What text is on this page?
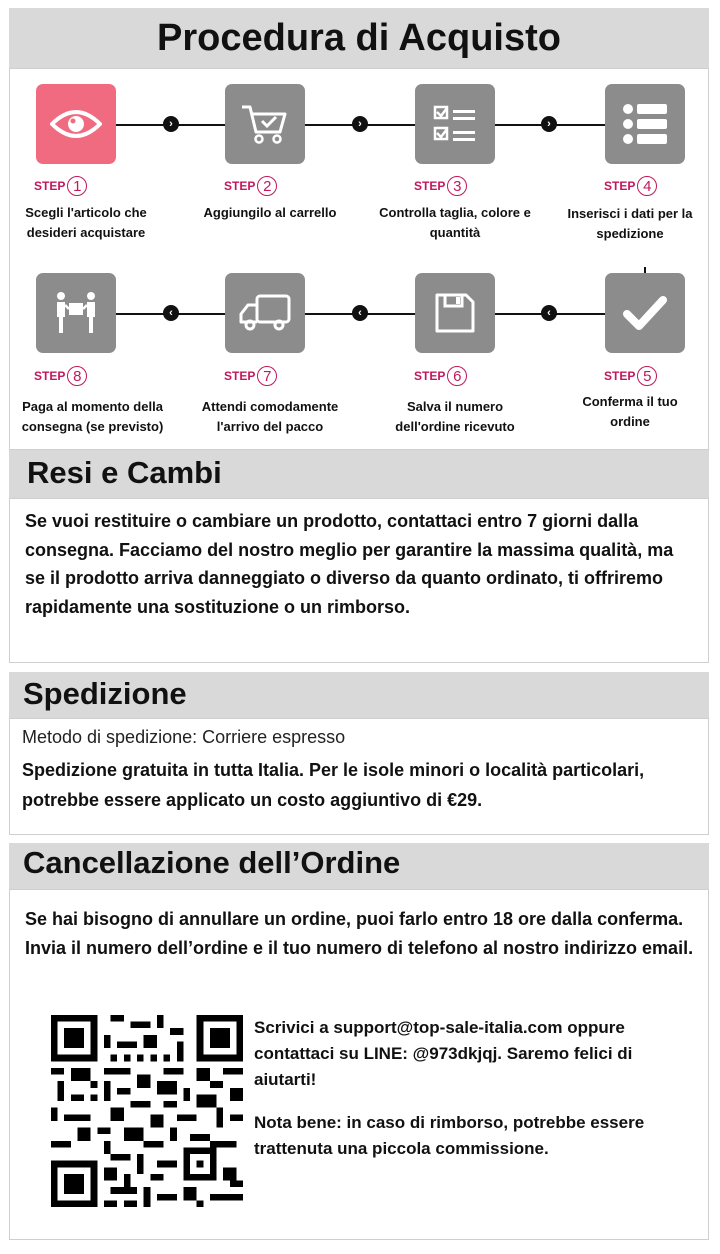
Procedura di Acquisto
›	›	›
‹	‹	‹
STEP 1
Scegli l'articolo che desideri acquistare
STEP 2
Aggiungilo al carrello
STEP 3
Controlla taglia, colore e quantità
STEP 4
Inserisci i dati per la spedizione
STEP 8
Paga al momento della consegna (se previsto)
STEP 7
Attendi comodamente l'arrivo del pacco
STEP 6
Salva il numero dell'ordine ricevuto
STEP 5
Conferma il tuo ordine
Resi e Cambi
Se vuoi restituire o cambiare un prodotto, contattaci entro 7 giorni dalla consegna. Facciamo del nostro meglio per garantire la massima qualità, ma se il prodotto arriva danneggiato o diverso da quanto ordinato, ti offriremo rapidamente una sostituzione o un rimborso.
Spedizione
Metodo di spedizione: Corriere espresso
Spedizione gratuita in tutta Italia. Per le isole minori o località particolari, potrebbe essere applicato un costo aggiuntivo di €29.
Cancellazione dell’Ordine
Se hai bisogno di annullare un ordine, puoi farlo entro 18 ore dalla conferma. Invia il numero dell’ordine e il tuo numero di telefono al nostro indirizzo email.
Scrivici a support@top-sale-italia.com oppure contattaci su LINE: @973dkjqj. Saremo felici di aiutarti!
Nota bene: in caso di rimborso, potrebbe essere trattenuta una piccola commissione.
